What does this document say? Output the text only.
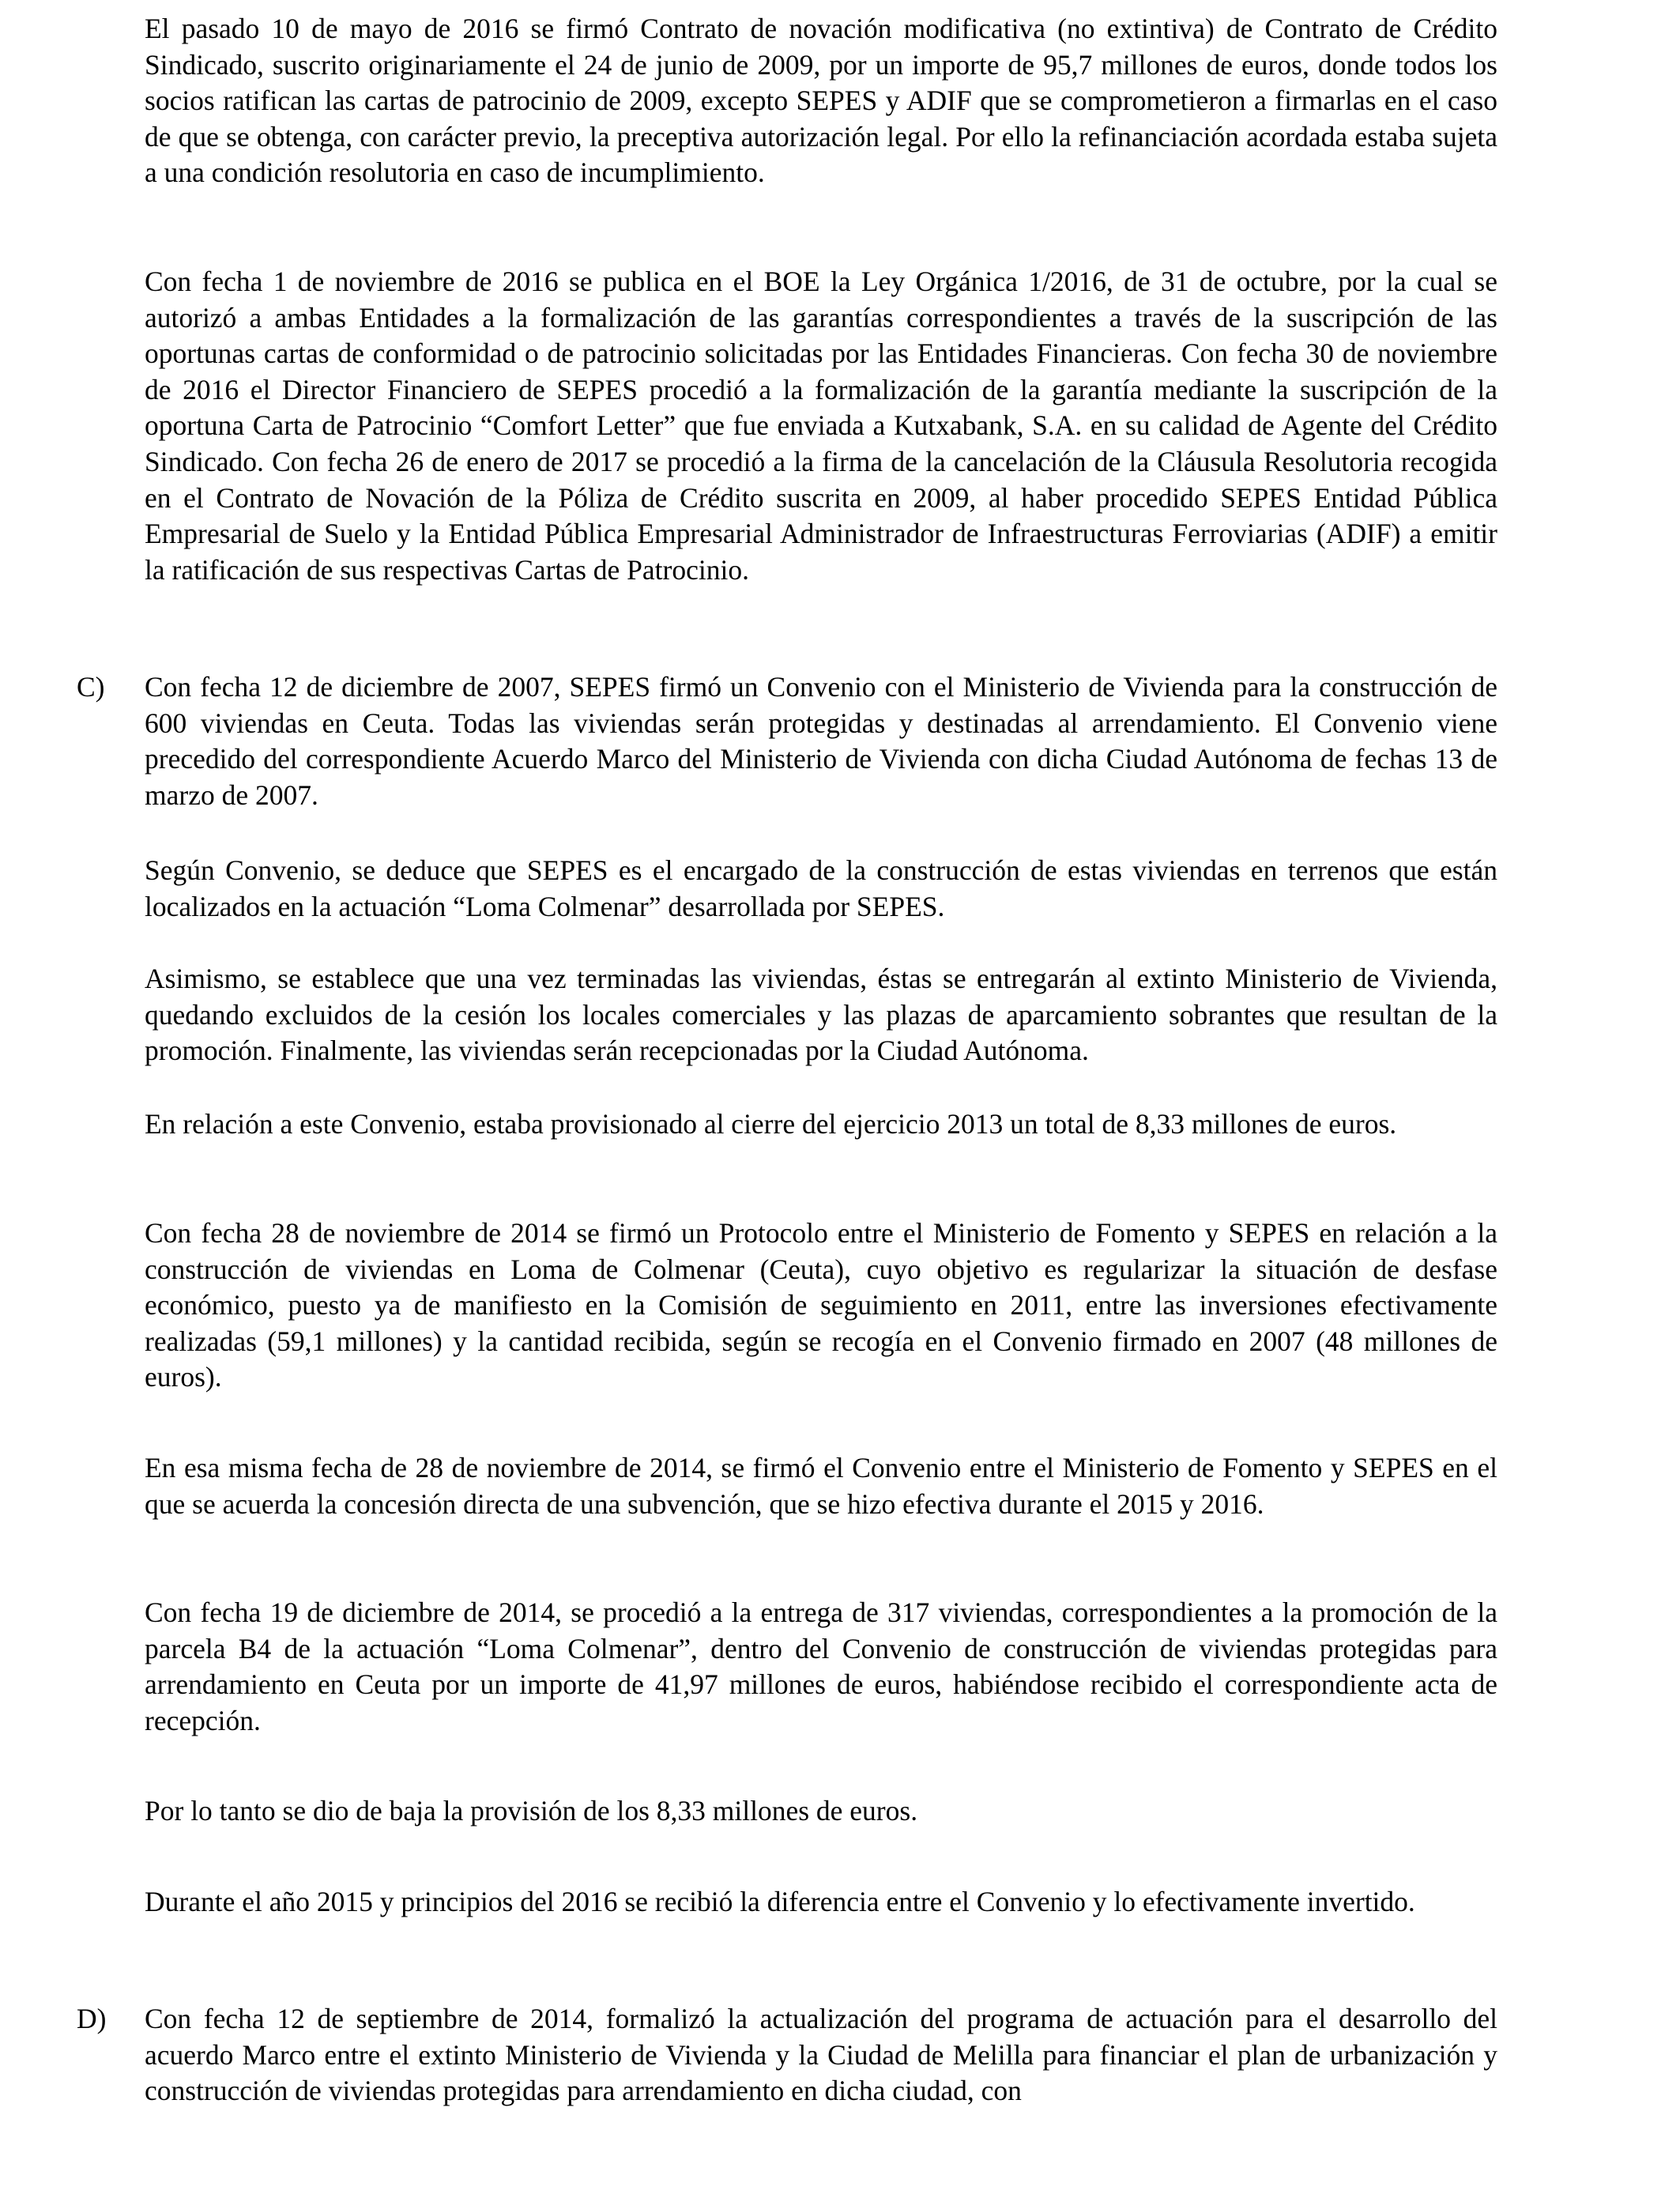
El pasado 10 de mayo de 2016 se firmó Contrato de novación modificativa (no extintiva) de Contrato de Crédito Sindicado, suscrito originariamente el 24 de junio de 2009, por un importe de 95,7 millones de euros, donde todos los socios ratifican las cartas de patrocinio de 2009, excepto SEPES y ADIF que se comprometieron a firmarlas en el caso de que se obtenga, con carácter previo, la preceptiva autorización legal. Por ello la refinanciación acordada estaba sujeta a una condición resolutoria en caso de incumplimiento.

Con fecha 1 de noviembre de 2016 se publica en el BOE la Ley Orgánica 1/2016, de 31 de octubre, por la cual se autorizó a ambas Entidades a la formalización de las garantías correspondientes a través de la suscripción de las oportunas cartas de conformidad o de patrocinio solicitadas por las Entidades Financieras. Con fecha 30 de noviembre de 2016 el Director Financiero de SEPES procedió a la formalización de la garantía mediante la suscripción de la oportuna Carta de Patrocinio “Comfort Letter” que fue enviada a Kutxabank, S.A. en su calidad de Agente del Crédito Sindicado. Con fecha 26 de enero de 2017 se procedió a la firma de la cancelación de la Cláusula Resolutoria recogida en el Contrato de Novación de la Póliza de Crédito suscrita en 2009, al haber procedido SEPES Entidad Pública Empresarial de Suelo y la Entidad Pública Empresarial Administrador de Infraestructuras Ferroviarias (ADIF) a emitir la ratificación de sus respectivas Cartas de Patrocinio.

C) Con fecha 12 de diciembre de 2007, SEPES firmó un Convenio con el Ministerio de Vivienda para la construcción de 600 viviendas en Ceuta. Todas las viviendas serán protegidas y destinadas al arrendamiento. El Convenio viene precedido del correspondiente Acuerdo Marco del Ministerio de Vivienda con dicha Ciudad Autónoma de fechas 13 de marzo de 2007.

Según Convenio, se deduce que SEPES es el encargado de la construcción de estas viviendas en terrenos que están localizados en la actuación “Loma Colmenar” desarrollada por SEPES.

Asimismo, se establece que una vez terminadas las viviendas, éstas se entregarán al extinto Ministerio de Vivienda, quedando excluidos de la cesión los locales comerciales y las plazas de aparcamiento sobrantes que resultan de la promoción. Finalmente, las viviendas serán recepcionadas por la Ciudad Autónoma.

En relación a este Convenio, estaba provisionado al cierre del ejercicio 2013 un total de 8,33 millones de euros.

Con fecha 28 de noviembre de 2014 se firmó un Protocolo entre el Ministerio de Fomento y SEPES en relación a la construcción de viviendas en Loma de Colmenar (Ceuta), cuyo objetivo es regularizar la situación de desfase económico, puesto ya de manifiesto en la Comisión de seguimiento en 2011, entre las inversiones efectivamente realizadas (59,1 millones) y la cantidad recibida, según se recogía en el Convenio firmado en 2007 (48 millones de euros).

En esa misma fecha de 28 de noviembre de 2014, se firmó el Convenio entre el Ministerio de Fomento y SEPES en el que se acuerda la concesión directa de una subvención, que se hizo efectiva durante el 2015 y 2016.

Con fecha 19 de diciembre de 2014, se procedió a la entrega de 317 viviendas, correspondientes a la promoción de la parcela B4 de la actuación “Loma Colmenar”, dentro del Convenio de construcción de viviendas protegidas para arrendamiento en Ceuta por un importe de 41,97 millones de euros, habiéndose recibido el correspondiente acta de recepción.

Por lo tanto se dio de baja la provisión de los 8,33 millones de euros.

Durante el año 2015 y principios del 2016 se recibió la diferencia entre el Convenio y lo efectivamente invertido.

D) Con fecha 12 de septiembre de 2014, formalizó la actualización del programa de actuación para el desarrollo del acuerdo Marco entre el extinto Ministerio de Vivienda y la Ciudad de Melilla para financiar el plan de urbanización y construcción de viviendas protegidas para arrendamiento en dicha ciudad, con
